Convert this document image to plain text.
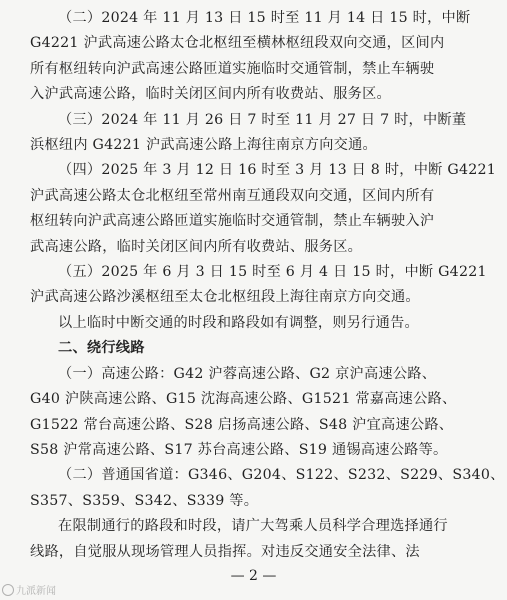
（二）2024 年 11 月 13 日 15 时至 11 月 14 日 15 时，中断
G4221 沪武高速公路太仓北枢纽至横林枢纽段双向交通，区间内
所有枢纽转向沪武高速公路匝道实施临时交通管制，禁止车辆驶
入沪武高速公路，临时关闭区间内所有收费站、服务区。
（三）2024 年 11 月 26 日 7 时至 11 月 27 日 7 时，中断董
浜枢纽内 G4221 沪武高速公路上海往南京方向交通。
（四）2025 年 3 月 12 日 16 时至 3 月 13 日 8 时，中断 G4221
沪武高速公路太仓北枢纽至常州南互通段双向交通，区间内所有
枢纽转向沪武高速公路匝道实施临时交通管制，禁止车辆驶入沪
武高速公路，临时关闭区间内所有收费站、服务区。
（五）2025 年 6 月 3 日 15 时至 6 月 4 日 15 时，中断 G4221
沪武高速公路沙溪枢纽至太仓北枢纽段上海往南京方向交通。
以上临时中断交通的时段和路段如有调整，则另行通告。
二、绕行线路
（一）高速公路：G42 沪蓉高速公路、G2 京沪高速公路、
G40 沪陕高速公路、G15 沈海高速公路、G1521 常嘉高速公路、
G1522 常台高速公路、S28 启扬高速公路、S48 沪宜高速公路、
S58 沪常高速公路、S17 苏台高速公路、S19 通锡高速公路等。
（二）普通国省道：G346、G204、S122、S232、S229、S340、
S357、S359、S342、S339 等。
在限制通行的路段和时段，请广大驾乘人员科学合理选择通行
线路，自觉服从现场管理人员指挥。对违反交通安全法律、法
— 2 —
九派新闻
